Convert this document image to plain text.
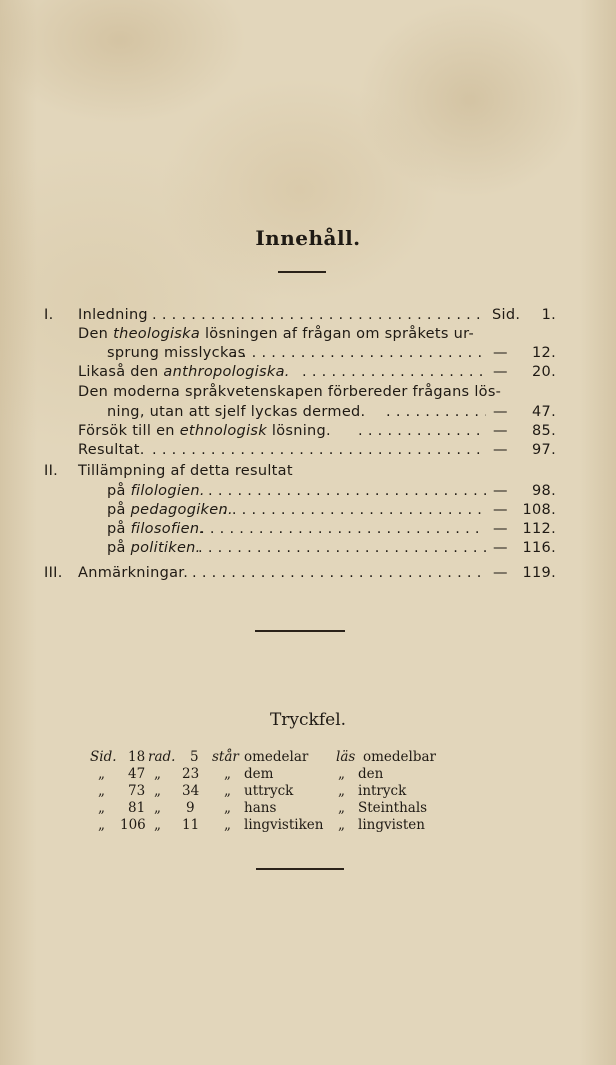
Innehåll.
I. Inledning . . .	Sid.	1.
Den theologiska lösningen af frågan om språkets ur-
sprung misslyckas . . .	—	12.
Likaså den anthropologiska. . . .	—	20.
Den moderna språkvetenskapen förbereder frågans lös-
ning, utan att sjelf lyckas dermed. . . .	—	47.
Försök till en ethnologisk lösning. . . .	—	85.
Resultat. . . .	—	97.
II. Tillämpning af detta resultat
på filologien. . . .	—	98.
på pedagogiken. . . .	— 108.
på filosofien. . . .	— 112.
på politiken. . . .	— 116.
III. Anmärkningar. . . .	— 119.
Tryckfel.
Sid. 18 rad. 5 står omedelar läs omedelbar
„ 47 „ 23 „ dem	„ den
„ 73 „ 34 „ uttryck	„ intryck
„ 81 „ 9 „ hans	„ Steinthals
„ 106 „ 11 „ lingvistiken „ lingvisten
